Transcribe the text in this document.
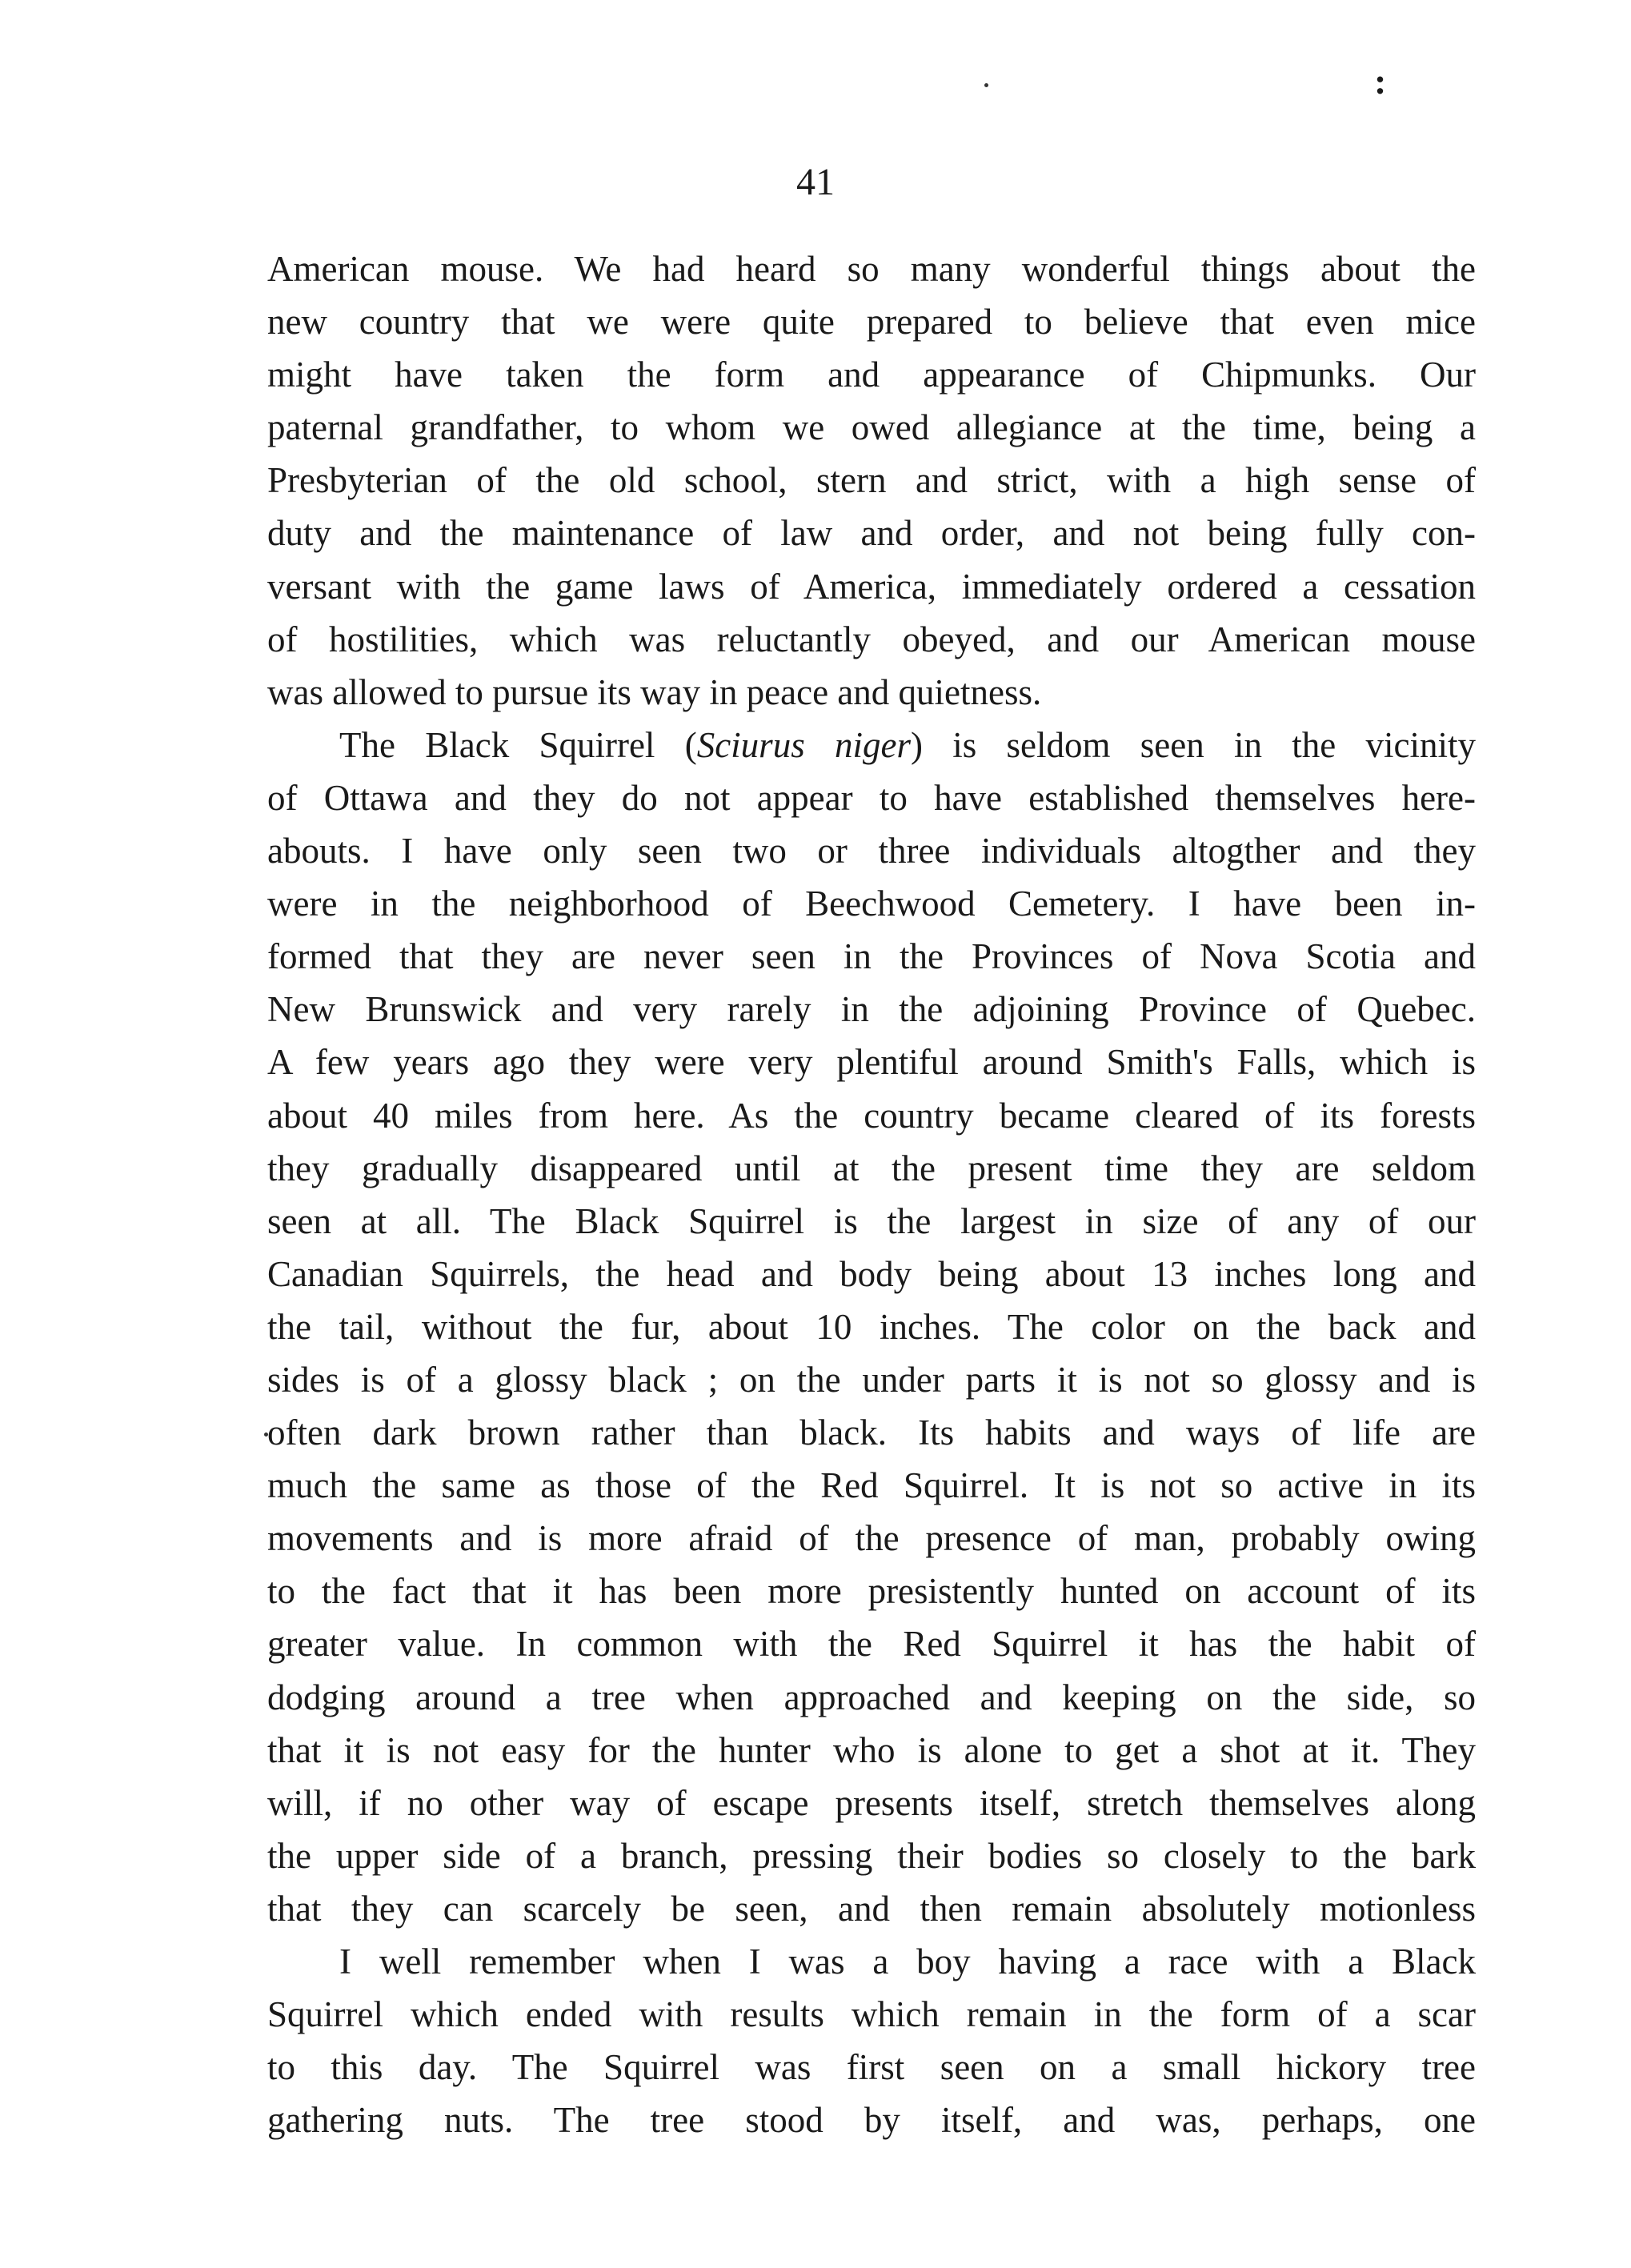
:
41
American mouse. We had heard so many wonderful things about the
new country that we were quite prepared to believe that even mice
might have taken the form and appearance of Chipmunks. Our
paternal grandfather, to whom we owed allegiance at the time, being a
Presbyterian of the old school, stern and strict, with a high sense of
duty and the maintenance of law and order, and not being fully con-
versant with the game laws of America, immediately ordered a cessation
of hostilities, which was reluctantly obeyed, and our American mouse
was allowed to pursue its way in peace and quietness.
The Black Squirrel (Sciurus niger) is seldom seen in the vicinity
of Ottawa and they do not appear to have established themselves here-
abouts. I have only seen two or three individuals altogther and they
were in the neighborhood of Beechwood Cemetery. I have been in-
formed that they are never seen in the Provinces of Nova Scotia and
New Brunswick and very rarely in the adjoining Province of Quebec.
A few years ago they were very plentiful around Smith's Falls, which is
about 40 miles from here. As the country became cleared of its forests
they gradually disappeared until at the present time they are seldom
seen at all. The Black Squirrel is the largest in size of any of our
Canadian Squirrels, the head and body being about 13 inches long and
the tail, without the fur, about 10 inches. The color on the back and
sides is of a glossy black ; on the under parts it is not so glossy and is
often dark brown rather than black. Its habits and ways of life are
much the same as those of the Red Squirrel. It is not so active in its
movements and is more afraid of the presence of man, probably owing
to the fact that it has been more presistently hunted on account of its
greater value. In common with the Red Squirrel it has the habit of
dodging around a tree when approached and keeping on the side, so
that it is not easy for the hunter who is alone to get a shot at it. They
will, if no other way of escape presents itself, stretch themselves along
the upper side of a branch, pressing their bodies so closely to the bark
that they can scarcely be seen, and then remain absolutely motionless
I well remember when I was a boy having a race with a Black
Squirrel which ended with results which remain in the form of a scar
to this day. The Squirrel was first seen on a small hickory tree
gathering nuts. The tree stood by itself, and was, perhaps, one
